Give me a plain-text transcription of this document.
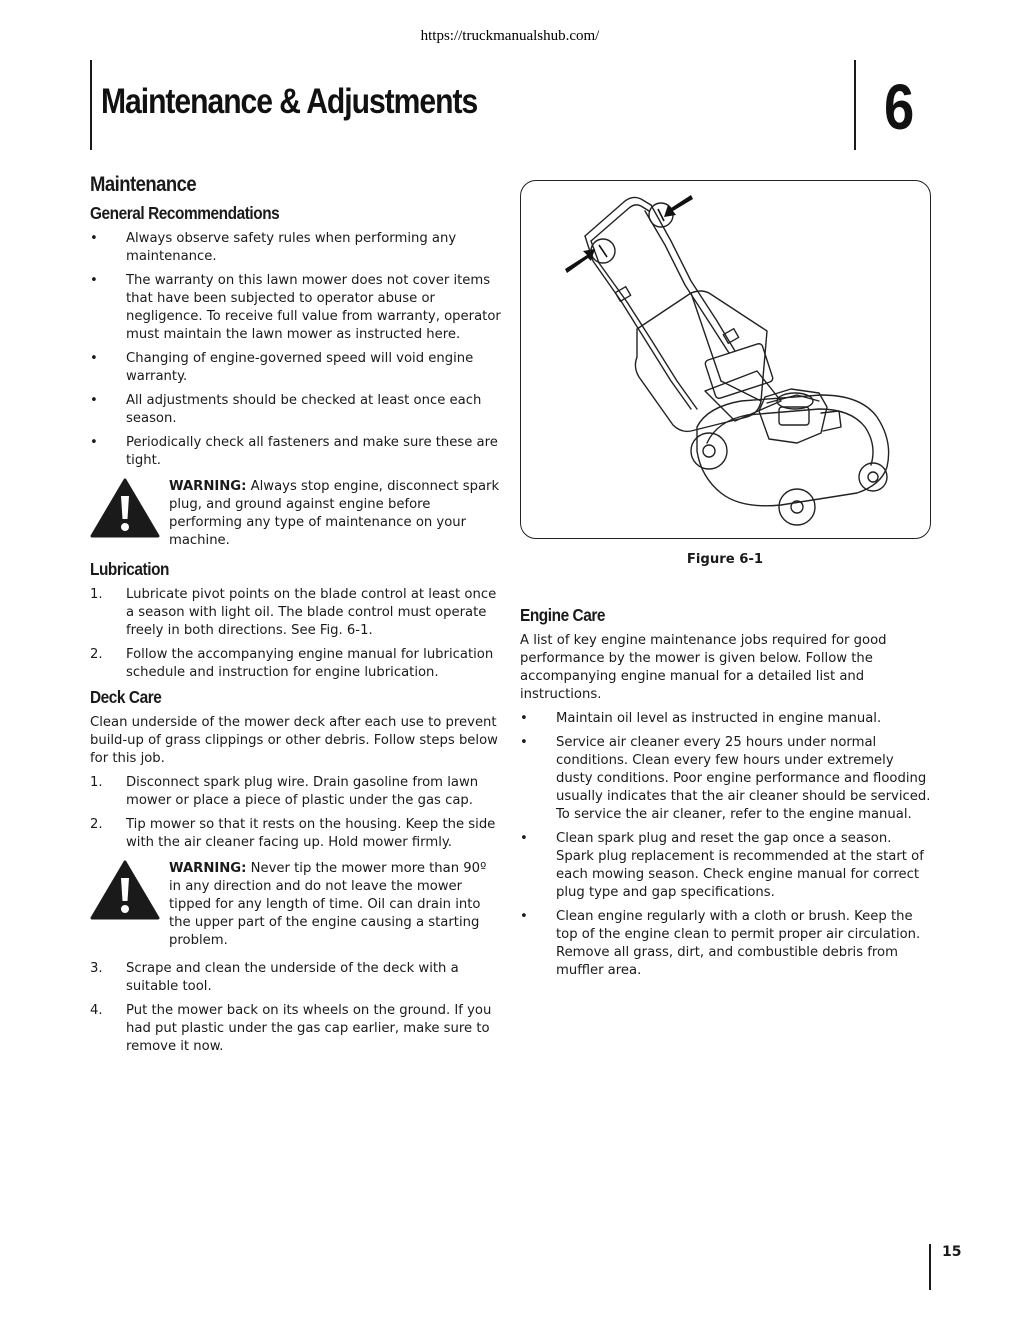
https://truckmanualshub.com/
Maintenance & Adjustments	6
Maintenance
General Recommendations
• Always observe safety rules when performing any maintenance.
• The warranty on this lawn mower does not cover items that have been subjected to operator abuse or negligence. To receive full value from warranty, operator must maintain the lawn mower as instructed here.
• Changing of engine-governed speed will void engine warranty.
• All adjustments should be checked at least once each season.
• Periodically check all fasteners and make sure these are tight.
WARNING: Always stop engine, disconnect spark plug, and ground against engine before performing any type of maintenance on your machine.
Lubrication
1. Lubricate pivot points on the blade control at least once a season with light oil. The blade control must operate freely in both directions. See Fig. 6-1.
2. Follow the accompanying engine manual for lubrication schedule and instruction for engine lubrication.
Deck Care

Clean underside of the mower deck after each use to prevent build-up of grass clippings or other debris. Follow steps below for this job.

1. Disconnect spark plug wire. Drain gasoline from lawn mower or place a piece of plastic under the gas cap.
2. Tip mower so that it rests on the housing. Keep the side with the air cleaner facing up. Hold mower firmly.
WARNING: Never tip the mower more than 90º in any direction and do not leave the mower tipped for any length of time. Oil can drain into the upper part of the engine causing a starting problem.
3. Scrape and clean the underside of the deck with a suitable tool.
4. Put the mower back on its wheels on the ground. If you had put plastic under the gas cap earlier, make sure to remove it now.
Figure 6-1
Engine Care

A list of key engine maintenance jobs required for good performance by the mower is given below. Follow the accompanying engine manual for a detailed list and instructions.

• Maintain oil level as instructed in engine manual.
• Service air cleaner every 25 hours under normal conditions. Clean every few hours under extremely dusty conditions. Poor engine performance and flooding usually indicates that the air cleaner should be serviced. To service the air cleaner, refer to the engine manual.
• Clean spark plug and reset the gap once a season. Spark plug replacement is recommended at the start of each mowing season. Check engine manual for correct plug type and gap specifications.
• Clean engine regularly with a cloth or brush. Keep the top of the engine clean to permit proper air circulation. Remove all grass, dirt, and combustible debris from muffler area.
15
